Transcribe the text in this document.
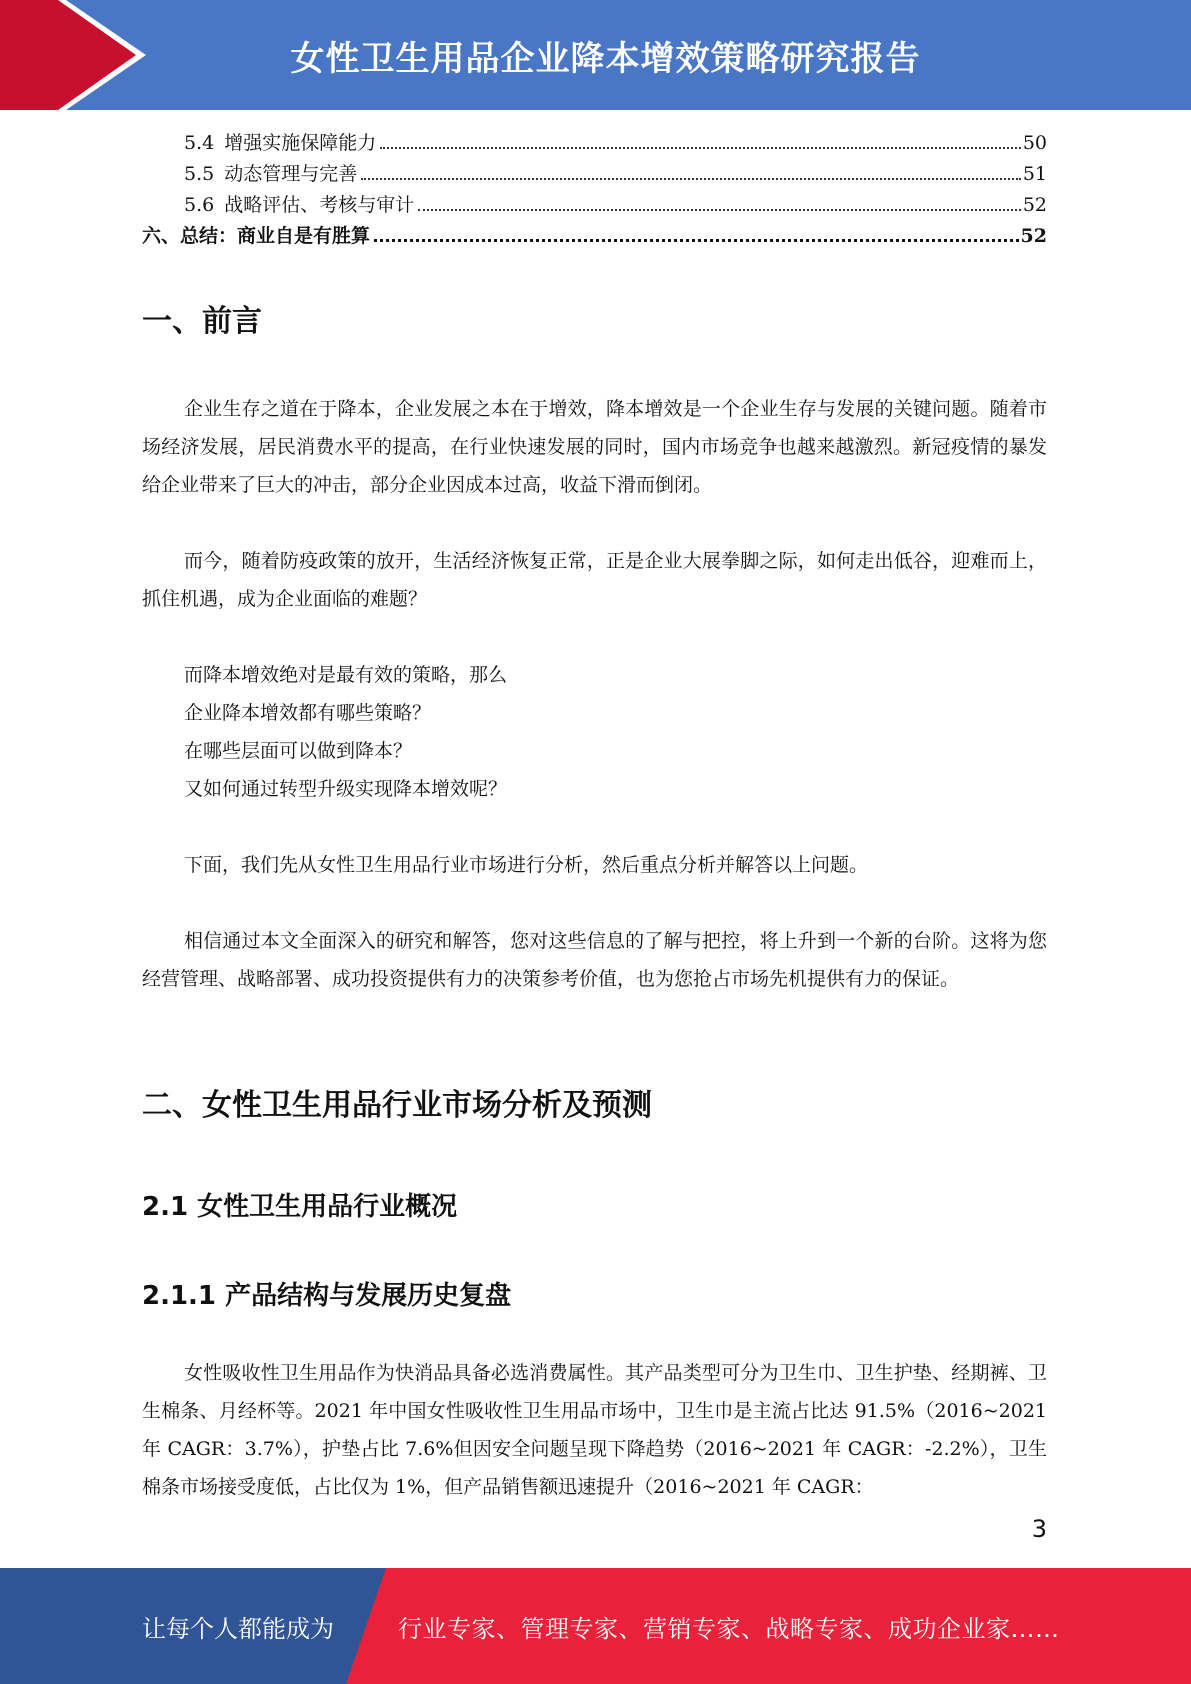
女性卫生用品企业降本增效策略研究报告
5.4 增强实施保障能力	50
5.5 动态管理与完善	51
5.6 战略评估、考核与审计	52
六、总结：商业自是有胜算	52
一、前言

企业生存之道在于降本，企业发展之本在于增效，降本增效是一个企业生存与发展的关键问题。随着市场经济发展，居民消费水平的提高，在行业快速发展的同时，国内市场竞争也越来越激烈。新冠疫情的暴发给企业带来了巨大的冲击，部分企业因成本过高，收益下滑而倒闭。

而今，随着防疫政策的放开，生活经济恢复正常，正是企业大展拳脚之际，如何走出低谷，迎难而上，抓住机遇，成为企业面临的难题？

而降本增效绝对是最有效的策略，那么

企业降本增效都有哪些策略？

在哪些层面可以做到降本？

又如何通过转型升级实现降本增效呢？

下面，我们先从女性卫生用品行业市场进行分析，然后重点分析并解答以上问题。

相信通过本文全面深入的研究和解答，您对这些信息的了解与把控，将上升到一个新的台阶。这将为您经营管理、战略部署、成功投资提供有力的决策参考价值，也为您抢占市场先机提供有力的保证。

二、女性卫生用品行业市场分析及预测
2.1 女性卫生用品行业概况
2.1.1 产品结构与发展历史复盘

女性吸收性卫生用品作为快消品具备必选消费属性。其产品类型可分为卫生巾、卫生护垫、经期裤、卫生棉条、月经杯等。2021 年中国女性吸收性卫生用品市场中，卫生巾是主流占比达 91.5%（2016~2021 年 CAGR：3.7%），护垫占比 7.6%但因安全问题呈现下降趋势（2016~2021 年 CAGR：-2.2%），卫生棉条市场接受度低，占比仅为 1%，但产品销售额迅速提升（2016~2021 年 CAGR：

3
让每个人都能成为	行业专家、管理专家、营销专家、战略专家、成功企业家……
